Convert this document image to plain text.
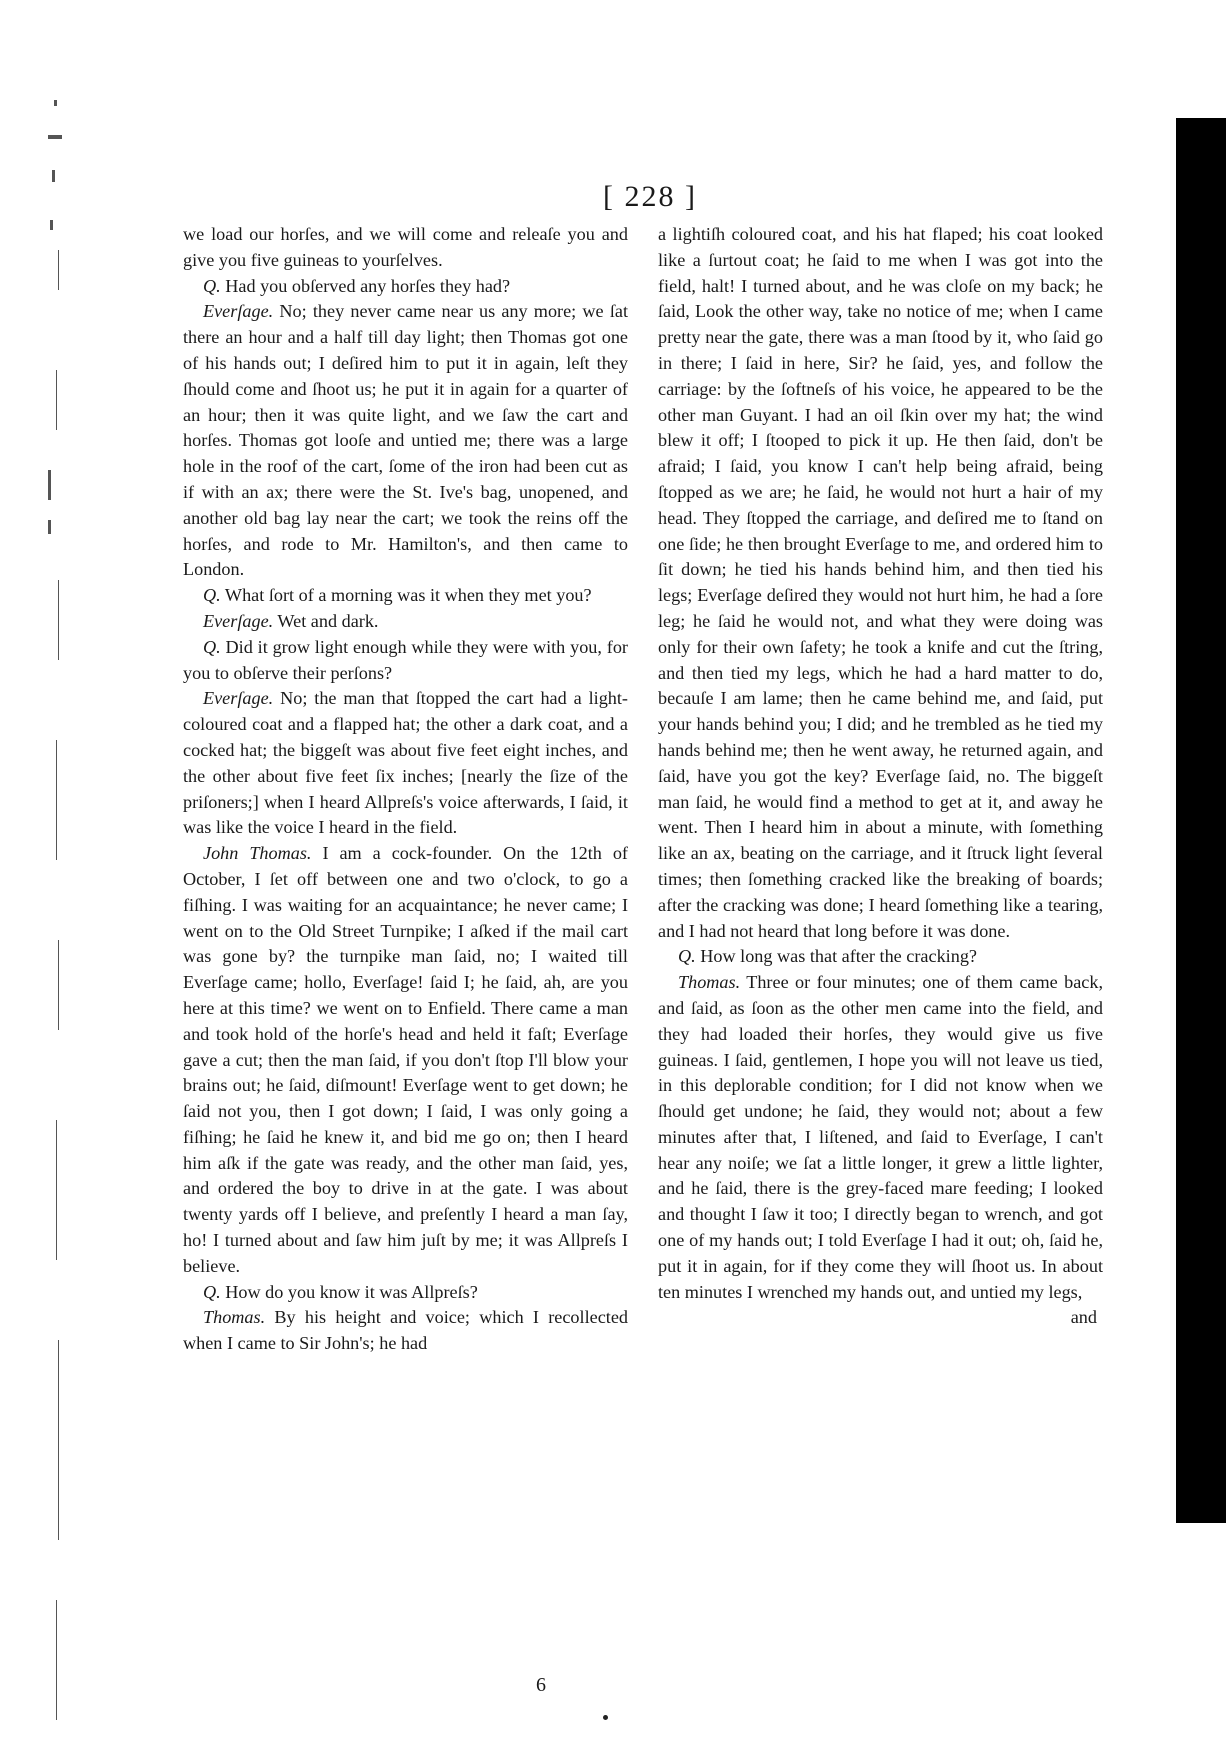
[ 228 ]

we load our horſes, and we will come and releaſe you and give you five guineas to yourſelves.

Q. Had you obſerved any horſes they had?

Everſage. No; they never came near us any more; we ſat there an hour and a half till day light; then Thomas got one of his hands out; I deſired him to put it in again, leſt they ſhould come and ſhoot us; he put it in again for a quarter of an hour; then it was quite light, and we ſaw the cart and horſes. Thomas got looſe and untied me; there was a large hole in the roof of the cart, ſome of the iron had been cut as if with an ax; there were the St. Ive's bag, unopened, and another old bag lay near the cart; we took the reins off the horſes, and rode to Mr. Hamilton's, and then came to London.

Q. What ſort of a morning was it when they met you?

Everſage. Wet and dark.

Q. Did it grow light enough while they were with you, for you to obſerve their perſons?

Everſage. No; the man that ſtopped the cart had a light-coloured coat and a flapped hat; the other a dark coat, and a cocked hat; the biggeſt was about five feet eight inches, and the other about five feet ſix inches; [nearly the ſize of the priſoners;] when I heard Allpreſs's voice afterwards, I ſaid, it was like the voice I heard in the field.

John Thomas. I am a cock-founder. On the 12th of October, I ſet off between one and two o'clock, to go a fiſhing. I was waiting for an acquaintance; he never came; I went on to the Old Street Turnpike; I aſked if the mail cart was gone by? the turnpike man ſaid, no; I waited till Everſage came; hollo, Everſage! ſaid I; he ſaid, ah, are you here at this time? we went on to Enfield. There came a man and took hold of the horſe's head and held it faſt; Everſage gave a cut; then the man ſaid, if you don't ſtop I'll blow your brains out; he ſaid, diſmount! Everſage went to get down; he ſaid not you, then I got down; I ſaid, I was only going a fiſhing; he ſaid he knew it, and bid me go on; then I heard him aſk if the gate was ready, and the other man ſaid, yes, and ordered the boy to drive in at the gate. I was about twenty yards off I believe, and preſently I heard a man ſay, ho! I turned about and ſaw him juſt by me; it was Allpreſs I believe.

Q. How do you know it was Allpreſs?

Thomas. By his height and voice; which I recollected when I came to Sir John's; he had

a lightiſh coloured coat, and his hat flaped; his coat looked like a ſurtout coat; he ſaid to me when I was got into the field, halt! I turned about, and he was cloſe on my back; he ſaid, Look the other way, take no notice of me; when I came pretty near the gate, there was a man ſtood by it, who ſaid go in there; I ſaid in here, Sir? he ſaid, yes, and follow the carriage: by the ſoftneſs of his voice, he appeared to be the other man Guyant. I had an oil ſkin over my hat; the wind blew it off; I ſtooped to pick it up. He then ſaid, don't be afraid; I ſaid, you know I can't help being afraid, being ſtopped as we are; he ſaid, he would not hurt a hair of my head. They ſtopped the carriage, and deſired me to ſtand on one ſide; he then brought Everſage to me, and ordered him to ſit down; he tied his hands behind him, and then tied his legs; Everſage deſired they would not hurt him, he had a ſore leg; he ſaid he would not, and what they were doing was only for their own ſafety; he took a knife and cut the ſtring, and then tied my legs, which he had a hard matter to do, becauſe I am lame; then he came behind me, and ſaid, put your hands behind you; I did; and he trembled as he tied my hands behind me; then he went away, he returned again, and ſaid, have you got the key? Everſage ſaid, no. The biggeſt man ſaid, he would find a method to get at it, and away he went. Then I heard him in about a minute, with ſomething like an ax, beating on the carriage, and it ſtruck light ſeveral times; then ſomething cracked like the breaking of boards; after the cracking was done; I heard ſomething like a tearing, and I had not heard that long before it was done.

Q. How long was that after the cracking?

Thomas. Three or four minutes; one of them came back, and ſaid, as ſoon as the other men came into the field, and they had loaded their horſes, they would give us five guineas. I ſaid, gentlemen, I hope you will not leave us tied, in this deplorable condition; for I did not know when we ſhould get undone; he ſaid, they would not; about a few minutes after that, I liſtened, and ſaid to Everſage, I can't hear any noiſe; we ſat a little longer, it grew a little lighter, and he ſaid, there is the grey-faced mare feeding; I looked and thought I ſaw it too; I directly began to wrench, and got one of my hands out; I told Everſage I had it out; oh, ſaid he, put it in again, for if they come they will ſhoot us. In about ten minutes I wrenched my hands out, and untied my legs,

and
6
